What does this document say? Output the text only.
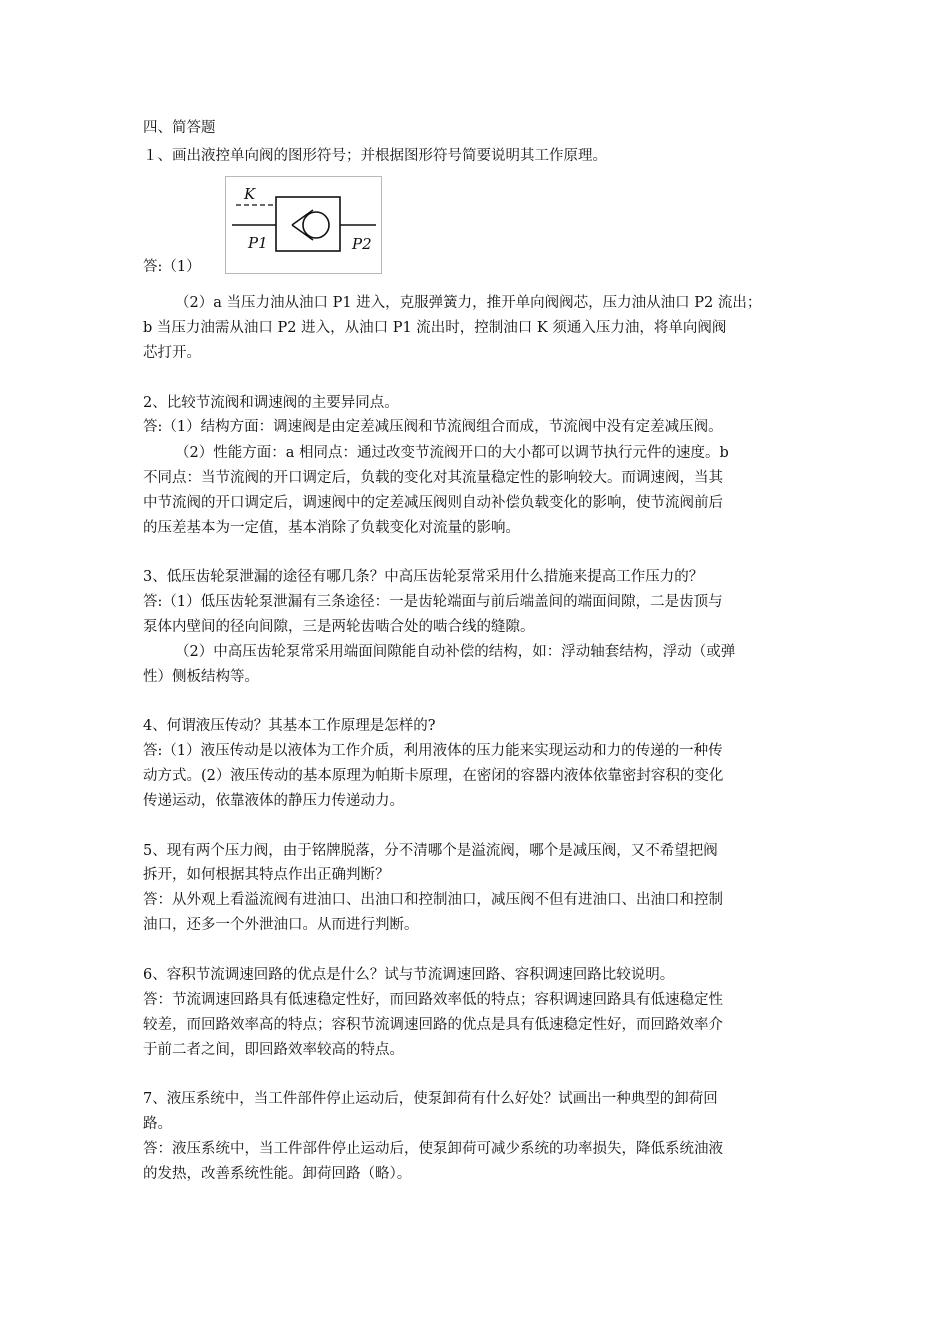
四、简答题
１、画出液控单向阀的图形符号；并根据图形符号简要说明其工作原理。
K
P1	P2
答:（1）
（2）a 当压力油从油口 P1 进入，克服弹簧力，推开单向阀阀芯，压力油从油口 P2 流出；
b 当压力油需从油口 P2 进入，从油口 P1 流出时，控制油口 K 须通入压力油，将单向阀阀
芯打开。
2、比较节流阀和调速阀的主要异同点。
答:（1）结构方面：调速阀是由定差减压阀和节流阀组合而成，节流阀中没有定差减压阀。
（2）性能方面：a 相同点：通过改变节流阀开口的大小都可以调节执行元件的速度。b
不同点：当节流阀的开口调定后，负载的变化对其流量稳定性的影响较大。而调速阀，当其
中节流阀的开口调定后，调速阀中的定差减压阀则自动补偿负载变化的影响，使节流阀前后
的压差基本为一定值，基本消除了负载变化对流量的影响。
3、低压齿轮泵泄漏的途径有哪几条？中高压齿轮泵常采用什么措施来提高工作压力的？
答:（1）低压齿轮泵泄漏有三条途径：一是齿轮端面与前后端盖间的端面间隙，二是齿顶与
泵体内壁间的径向间隙，三是两轮齿啮合处的啮合线的缝隙。
（2）中高压齿轮泵常采用端面间隙能自动补偿的结构，如：浮动轴套结构，浮动（或弹
性）侧板结构等。
4、何谓液压传动？其基本工作原理是怎样的?
答:（1）液压传动是以液体为工作介质，利用液体的压力能来实现运动和力的传递的一种传
动方式。(2）液压传动的基本原理为帕斯卡原理，在密闭的容器内液体依靠密封容积的变化
传递运动，依靠液体的静压力传递动力。
5、现有两个压力阀，由于铭牌脱落，分不清哪个是溢流阀，哪个是减压阀，又不希望把阀
拆开，如何根据其特点作出正确判断？
答：从外观上看溢流阀有进油口、出油口和控制油口，减压阀不但有进油口、出油口和控制
油口，还多一个外泄油口。从而进行判断。
6、容积节流调速回路的优点是什么？试与节流调速回路、容积调速回路比较说明。
答：节流调速回路具有低速稳定性好，而回路效率低的特点；容积调速回路具有低速稳定性
较差，而回路效率高的特点；容积节流调速回路的优点是具有低速稳定性好，而回路效率介
于前二者之间，即回路效率较高的特点。
7、液压系统中，当工件部件停止运动后，使泵卸荷有什么好处？试画出一种典型的卸荷回
路。
答：液压系统中，当工件部件停止运动后，使泵卸荷可减少系统的功率损失，降低系统油液
的发热，改善系统性能。卸荷回路（略）。
